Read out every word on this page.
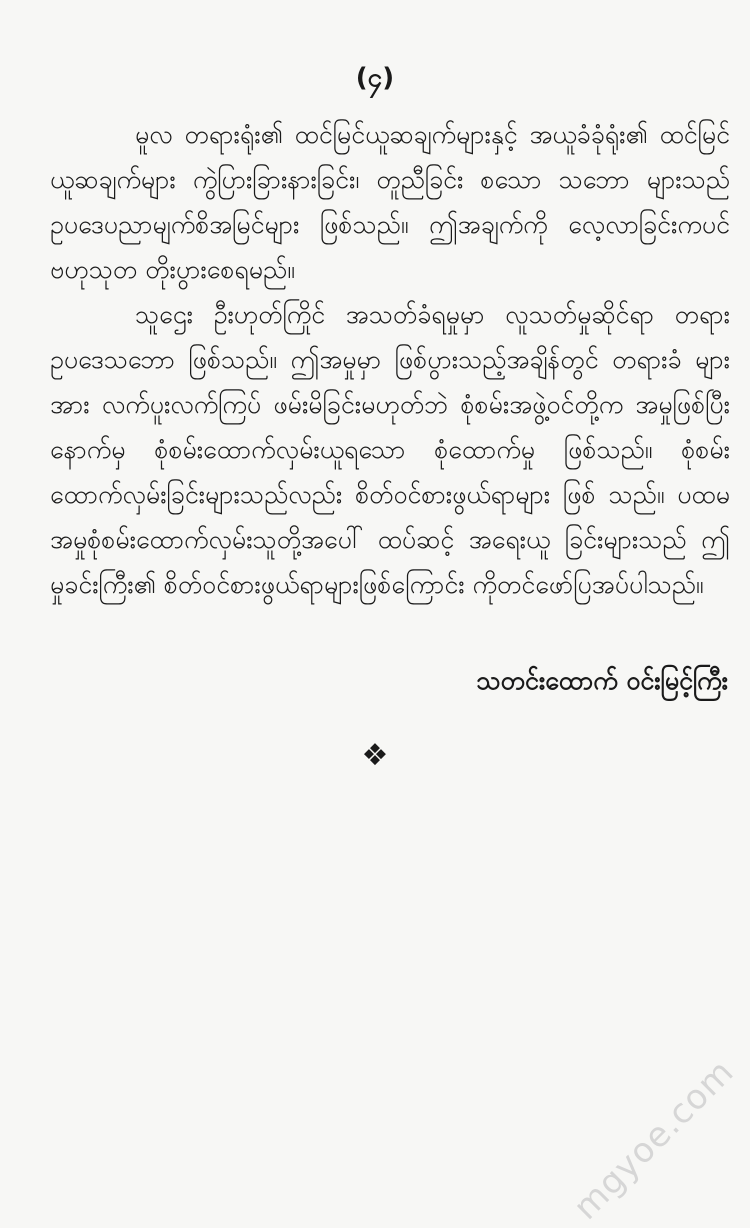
(၄)

မူလ တရားရုံး၏ ထင်မြင်ယူဆချက်များနှင့် အယူခံခုံရုံး၏ ထင်မြင်ယူဆချက်များ ကွဲပြားခြားနားခြင်း၊ တူညီခြင်း စသော သဘော များသည် ဥပဒေပညာမျက်စိအမြင်များ ဖြစ်သည်။ ဤအချက်ကို လေ့လာခြင်းကပင် ဗဟုသုတ တိုးပွားစေရမည်။

သူဌေး ဦးဟုတ်ကြိုင် အသတ်ခံရမှုမှာ လူသတ်မှုဆိုင်ရာ တရား ဥပဒေသဘော ဖြစ်သည်။ ဤအမှုမှာ ဖြစ်ပွားသည့်အချိန်တွင် တရားခံ များအား လက်ပူးလက်ကြပ် ဖမ်းမိခြင်းမဟုတ်ဘဲ စုံစမ်းအဖွဲ့ဝင်တို့က အမှုဖြစ်ပြီးနောက်မှ စုံစမ်းထောက်လှမ်းယူရသော စုံထောက်မှု ဖြစ်သည်။ စုံစမ်းထောက်လှမ်းခြင်းများသည်လည်း စိတ်ဝင်စားဖွယ်ရာများ ဖြစ် သည်။ ပထမ အမှုစုံစမ်းထောက်လှမ်းသူတို့အပေါ် ထပ်ဆင့် အရေးယူ ခြင်းများသည် ဤမှုခင်းကြီး၏ စိတ်ဝင်စားဖွယ်ရာများဖြစ်ကြောင်း ကိုတင်ဖော်ပြအပ်ပါသည်။

သတင်းထောက် ဝင်းမြင့်ကြီး
❖
mgyoe.com
